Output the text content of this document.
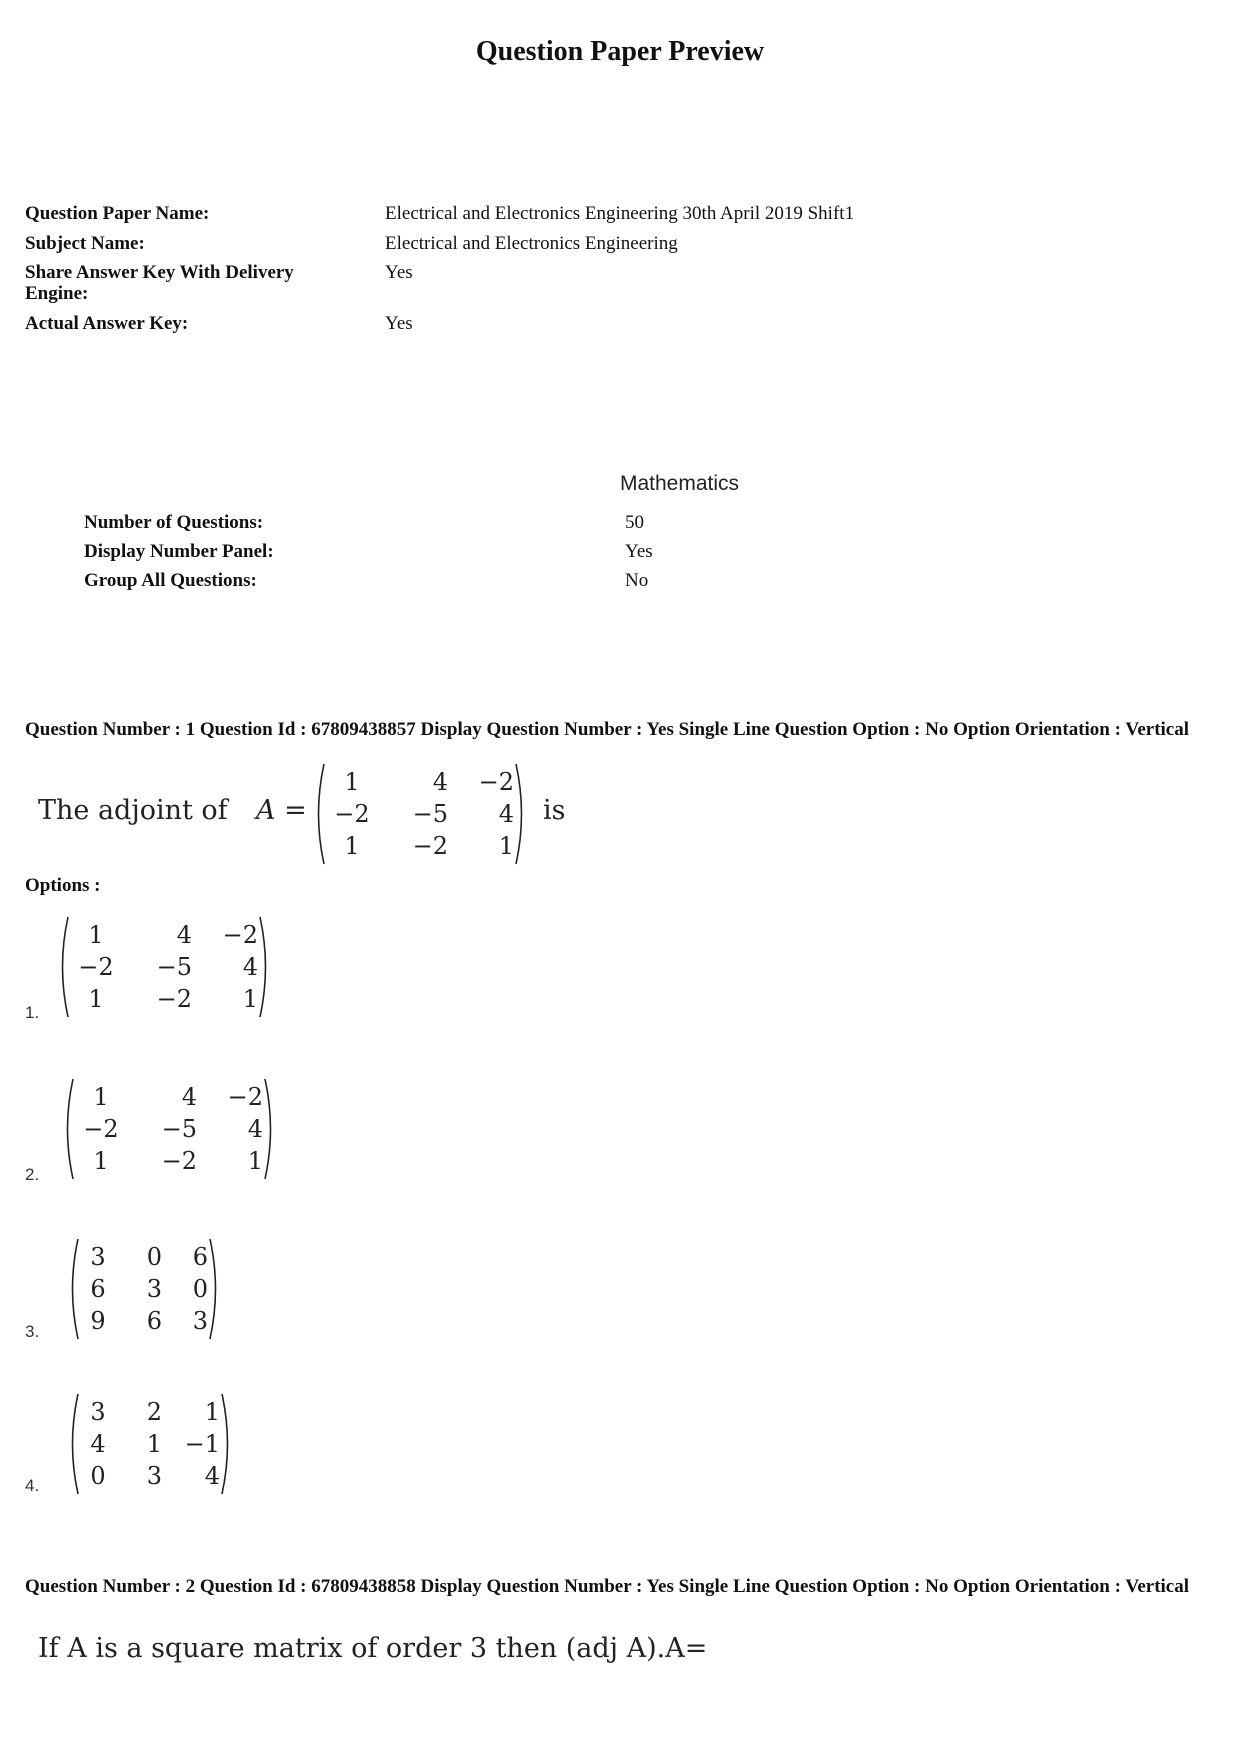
Question Paper Preview
Question Paper Name:	Electrical and Electronics Engineering 30th April 2019 Shift1
Subject Name:	Electrical and Electronics Engineering
Share Answer Key With Delivery Engine:
Yes
Actual Answer Key:	Yes
Mathematics
Number of Questions:	50
Display Number Panel:	Yes
Group All Questions:	No
Question Number : 1 Question Id : 67809438857 Display Question Number : Yes Single Line Question Option : No Option Orientation : Vertical
The adjoint of A =
1	4	−2
−2	−5	4
1	−2	1
is
Options :
1	4	−2
−2	−5	4
1	−2	1
1.
1	4	−2
−2	−5	4
1	−2	1
2.
3	0	6
6	3	0
9	6	3
3.
3	2	1
4	1 −1
0	3	4
4.
Question Number : 2 Question Id : 67809438858 Display Question Number : Yes Single Line Question Option : No Option Orientation : Vertical
If A is a square matrix of order 3 then (adj A).A=
